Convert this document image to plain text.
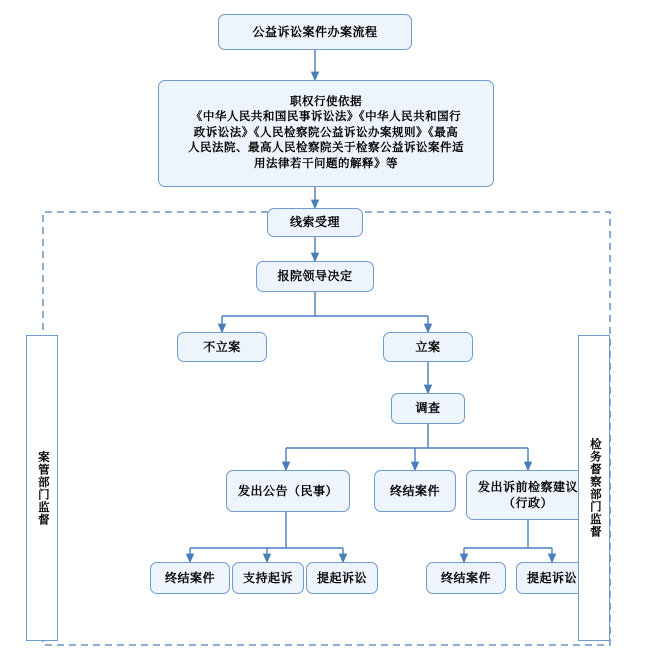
公益诉讼案件办案流程
职权行使依据
《中华人民共和国民事诉讼法》《中华人民共和国行
政诉讼法》《人民检察院公益诉讼办案规则》《最高
人民法院、最高人民检察院关于检察公益诉讼案件适
用法律若干问题的解释》等
线索受理
报院领导决定
不立案	立案
调查
发出公告（民事）	终结案件	发出诉前检察建议（行政）
终结案件 支持起诉 提起诉讼	终结案件	提起诉讼
案管部门监督	检务督察部门监督
